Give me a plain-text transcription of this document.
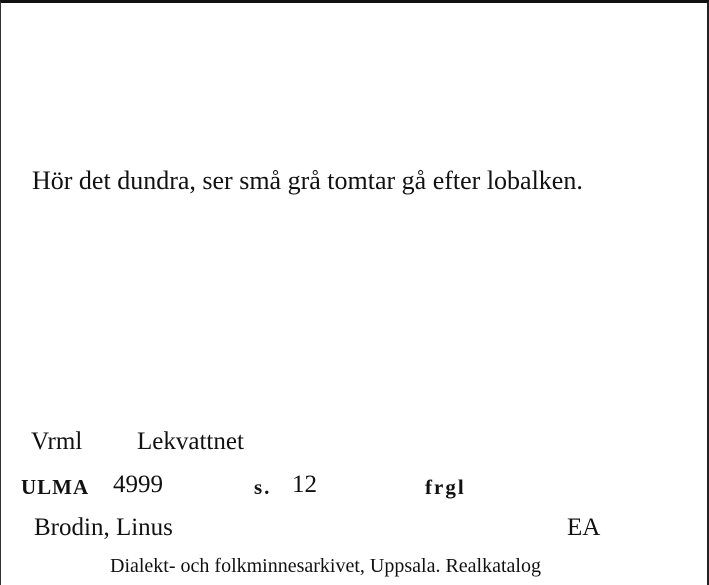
Hör det dundra, ser små grå tomtar gå efter lobalken.
Vrml Lekvattnet
ULMA 4999	s. 12	frgl
Brodin, Linus	EA
Dialekt- och folkminnesarkivet, Uppsala. Realkatalog
